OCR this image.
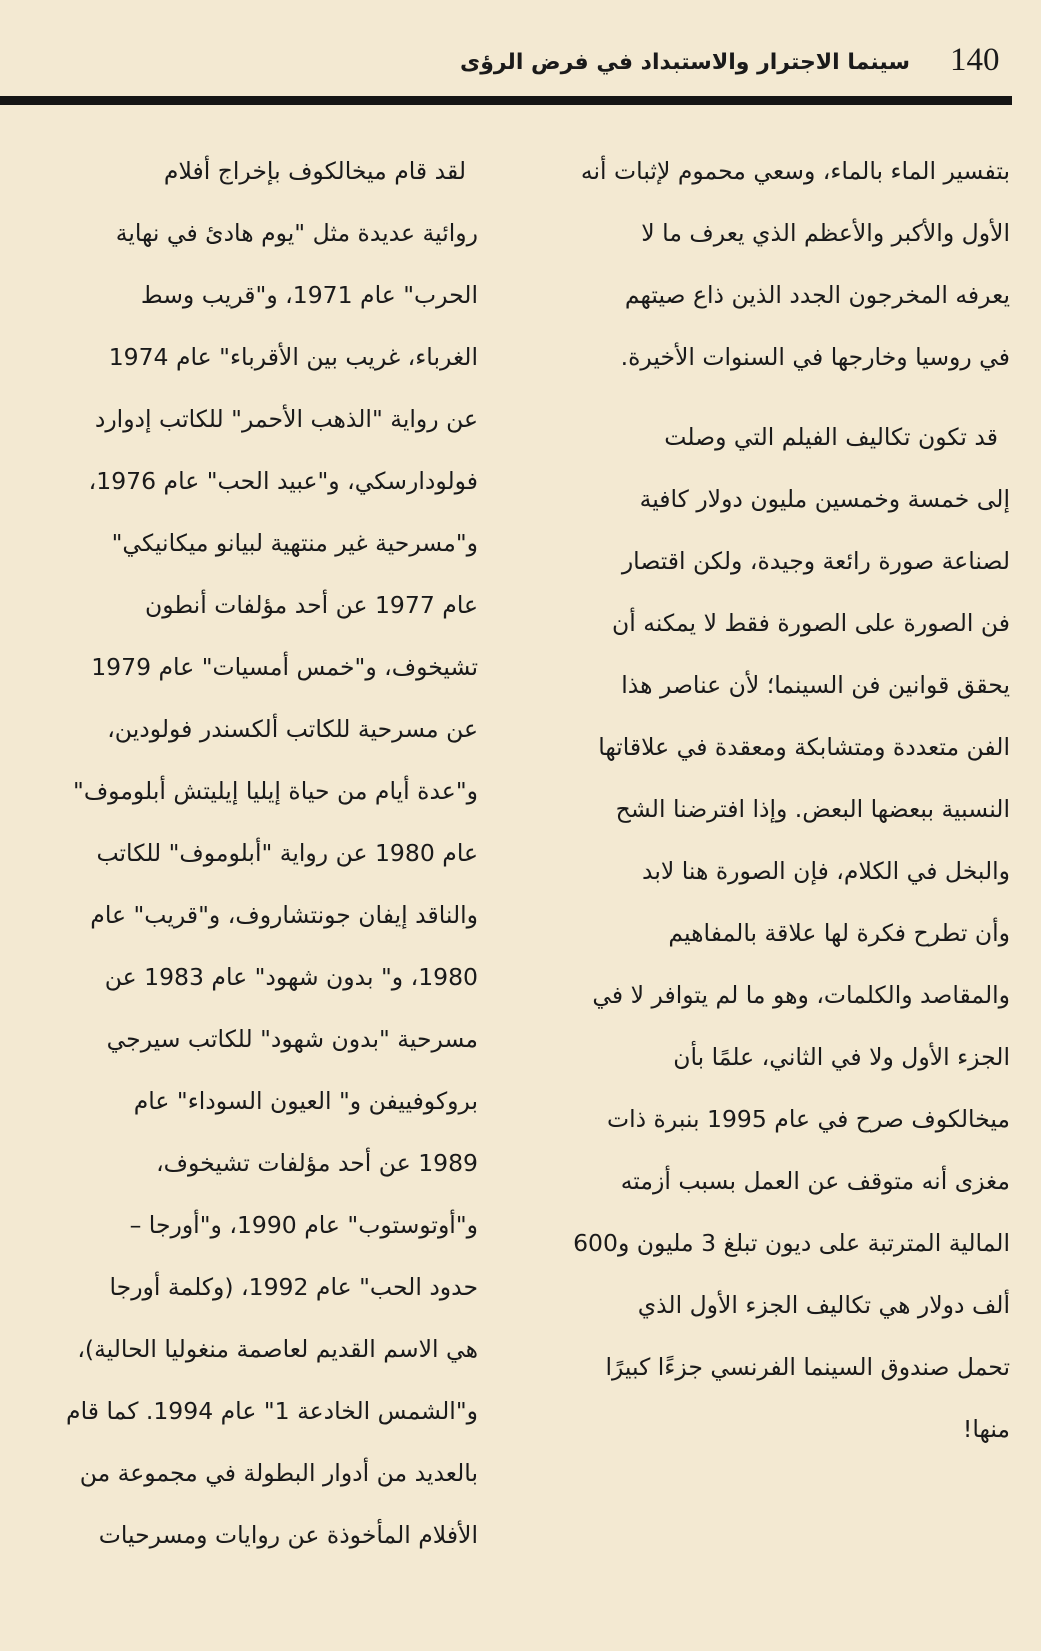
140
سينما الاجترار والاستبداد في فرض الرؤى

بتفسير الماء بالماء، وسعي محموم لإثبات أنه
الأول والأكبر والأعظم الذي يعرف ما لا
يعرفه المخرجون الجدد الذين ذاع صيتهم
في روسيا وخارجها في السنوات الأخيرة.

قد تكون تكاليف الفيلم التي وصلت
إلى خمسة وخمسين مليون دولار كافية
لصناعة صورة رائعة وجيدة، ولكن اقتصار
فن الصورة على الصورة فقط لا يمكنه أن
يحقق قوانين فن السينما؛ لأن عناصر هذا
الفن متعددة ومتشابكة ومعقدة في علاقاتها
النسبية ببعضها البعض. وإذا افترضنا الشح
والبخل في الكلام، فإن الصورة هنا لابد
وأن تطرح فكرة لها علاقة بالمفاهيم
والمقاصد والكلمات، وهو ما لم يتوافر لا في
الجزء الأول ولا في الثاني، علمًا بأن
ميخالكوف صرح في عام 1995 بنبرة ذات
مغزى أنه متوقف عن العمل بسبب أزمته
المالية المترتبة على ديون تبلغ 3 مليون و600
ألف دولار هي تكاليف الجزء الأول الذي
تحمل صندوق السينما الفرنسي جزءًا كبيرًا
منها!

لقد قام ميخالكوف بإخراج أفلام
روائية عديدة مثل "يوم هادئ في نهاية
الحرب" عام 1971، و"قريب وسط
الغرباء، غريب بين الأقرباء" عام 1974
عن رواية "الذهب الأحمر" للكاتب إدوارد
فولودارسكي، و"عبيد الحب" عام 1976،
و"مسرحية غير منتهية لبيانو ميكانيكي"
عام 1977 عن أحد مؤلفات أنطون
تشيخوف، و"خمس أمسيات" عام 1979
عن مسرحية للكاتب ألكسندر فولودين،
و"عدة أيام من حياة إيليا إيليتش أبلوموف"
عام 1980 عن رواية "أبلوموف" للكاتب
والناقد إيفان جونتشاروف، و"قريب" عام
1980، و" بدون شهود" عام 1983 عن
مسرحية "بدون شهود" للكاتب سيرجي
بروكوفييفن و" العيون السوداء" عام
1989 عن أحد مؤلفات تشيخوف،
و"أوتوستوب" عام 1990، و"أورجا –
حدود الحب" عام 1992، (وكلمة أورجا
هي الاسم القديم لعاصمة منغوليا الحالية)،
و"الشمس الخادعة 1" عام 1994. كما قام
بالعديد من أدوار البطولة في مجموعة من
الأفلام المأخوذة عن روايات ومسرحيات
